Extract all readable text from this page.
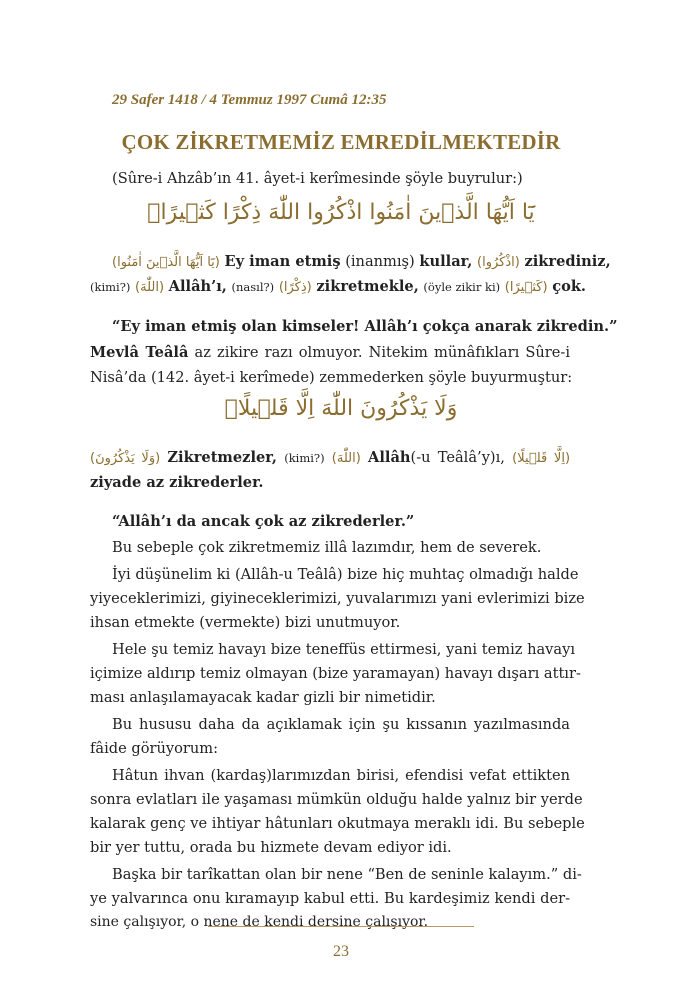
29 Safer 1418 / 4 Temmuz 1997 Cumâ 12:35
ÇOK ZİKRETMEMİZ EMREDİLMEKTEDİR
(Sûre-i Ahzâb’ın 41. âyet-i kerîmesinde şöyle buyrulur:)
يَٓا اَيُّهَا الَّذ۪ينَ اٰمَنُوا اذْكُرُوا اللّٰهَ ذِكْرًا كَث۪يرًاۙ
(يَٓا اَيُّهَا الَّذ۪ينَ اٰمَنُوا) Ey iman etmiş (inanmış) kullar, (اذْكُرُوا) zikrediniz,
(kimi?) (اللّٰهَ) Allâh’ı, (nasıl?) (ذِكْرًا) zikretmekle, (öyle zikir ki) (كَث۪يرًا) çok.
“Ey iman etmiş olan kimseler! Allâh’ı çokça anarak zikredin.”
Mevlâ Teâlâ az zikire razı olmuyor. Nitekim münâfıkları Sûre-i
Nisâ’da (142. âyet-i kerîmede) zemmederken şöyle buyurmuştur:
وَلَا يَذْكُرُونَ اللّٰهَ اِلَّا قَل۪يلًاۘ
(وَلَا يَذْكُرُونَ) Zikretmezler, (kimi?) (اللّٰهَ) Allâh(-u Teâlâ’y)ı, (اِلَّا قَل۪يلًا)
ziyade az zikrederler.
“Allâh’ı da ancak çok az zikrederler.”
Bu sebeple çok zikretmemiz illâ lazımdır, hem de severek.
İyi düşünelim ki (Allâh-u Teâlâ) bize hiç muhtaç olmadığı halde
yiyeceklerimizi, giyineceklerimizi, yuvalarımızı yani evlerimizi bize
ihsan etmekte (vermekte) bizi unutmuyor.
Hele şu temiz havayı bize teneffüs ettirmesi, yani temiz havayı
içimize aldırıp temiz olmayan (bize yaramayan) havayı dışarı attır-
ması anlaşılamayacak kadar gizli bir nimetidir.
Bu hususu daha da açıklamak için şu kıssanın yazılmasında
fâide görüyorum:
Hâtun ihvan (kardaş)larımızdan birisi, efendisi vefat ettikten
sonra evlatları ile yaşaması mümkün olduğu halde yalnız bir yerde
kalarak genç ve ihtiyar hâtunları okutmaya meraklı idi. Bu sebeple
bir yer tuttu, orada bu hizmete devam ediyor idi.
Başka bir tarîkattan olan bir nene “Ben de seninle kalayım.” di-
ye yalvarınca onu kıramayıp kabul etti. Bu kardeşimiz kendi der-
sine çalışıyor, o nene de kendi dersine çalışıyor.
23
